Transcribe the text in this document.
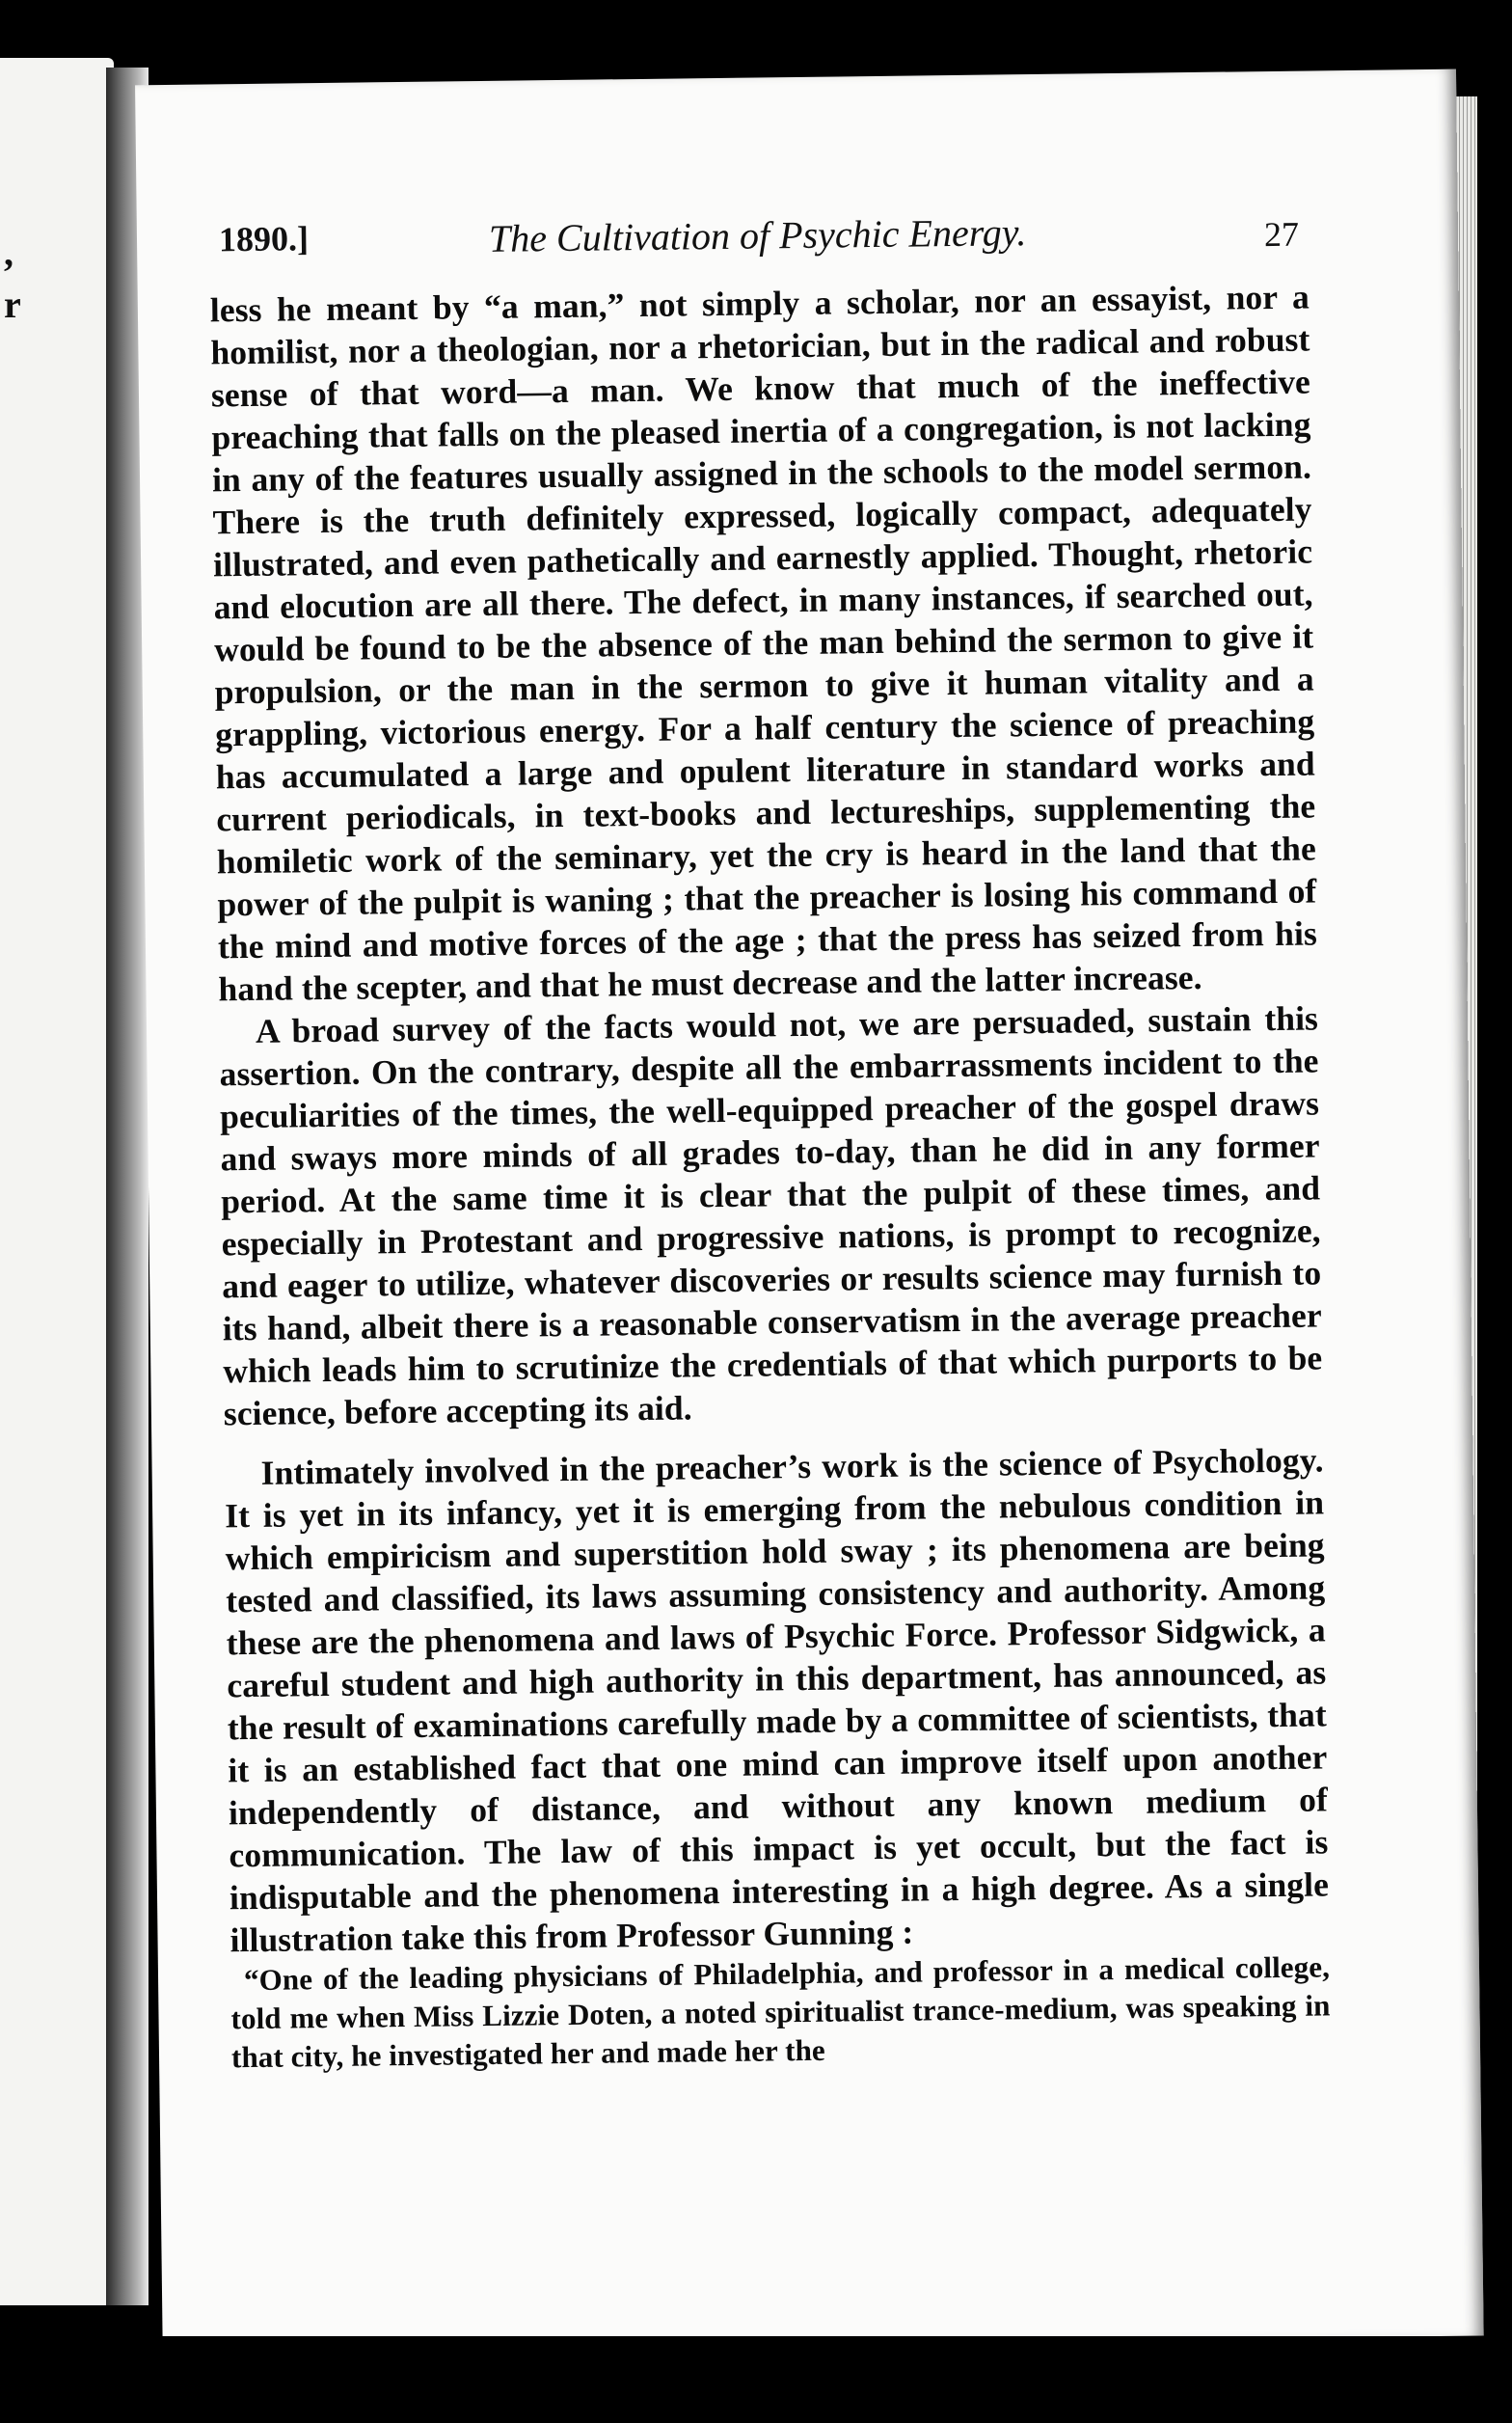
,
r
1890.]	The Cultivation of Psychic Energy.	27

less he meant by “a man,” not simply a scholar, nor an essayist, nor a homilist, nor a theologian, nor a rhetorician, but in the radical and robust sense of that word—a man. We know that much of the ineffective preaching that falls on the pleased inertia of a congregation, is not lacking in any of the features usually assigned in the schools to the model sermon. There is the truth definitely expressed, logically compact, adequately illustrated, and even pathetically and earnestly applied. Thought, rhetoric and elocution are all there. The defect, in many instances, if searched out, would be found to be the absence of the man behind the sermon to give it propulsion, or the man in the sermon to give it human vitality and a grappling, victorious energy. For a half century the science of preaching has accumulated a large and opulent literature in standard works and current periodicals, in text-books and lectureships, supplementing the homiletic work of the seminary, yet the cry is heard in the land that the power of the pulpit is waning ; that the preacher is losing his command of the mind and motive forces of the age ; that the press has seized from his hand the scepter, and that he must decrease and the latter increase.

A broad survey of the facts would not, we are persuaded, sustain this assertion. On the contrary, despite all the embarrassments incident to the peculiarities of the times, the well-equipped preacher of the gospel draws and sways more minds of all grades to-day, than he did in any former period. At the same time it is clear that the pulpit of these times, and especially in Protestant and progressive nations, is prompt to recognize, and eager to utilize, whatever discoveries or results science may furnish to its hand, albeit there is a reasonable conservatism in the average preacher which leads him to scrutinize the credentials of that which purports to be science, before accepting its aid.

Intimately involved in the preacher’s work is the science of Psychology. It is yet in its infancy, yet it is emerging from the nebulous condition in which empiricism and superstition hold sway ; its phenomena are being tested and classified, its laws assuming consistency and authority. Among these are the phenomena and laws of Psychic Force. Professor Sidgwick, a careful student and high authority in this department, has announced, as the result of examinations carefully made by a committee of scientists, that it is an established fact that one mind can improve itself upon another independently of distance, and without any known medium of communication. The law of this impact is yet occult, but the fact is indisputable and the phenomena interesting in a high degree. As a single illustration take this from Professor Gunning :

“One of the leading physicians of Philadelphia, and professor in a medical college, told me when Miss Lizzie Doten, a noted spiritualist trance-medium, was speaking in that city, he investigated her and made her the
